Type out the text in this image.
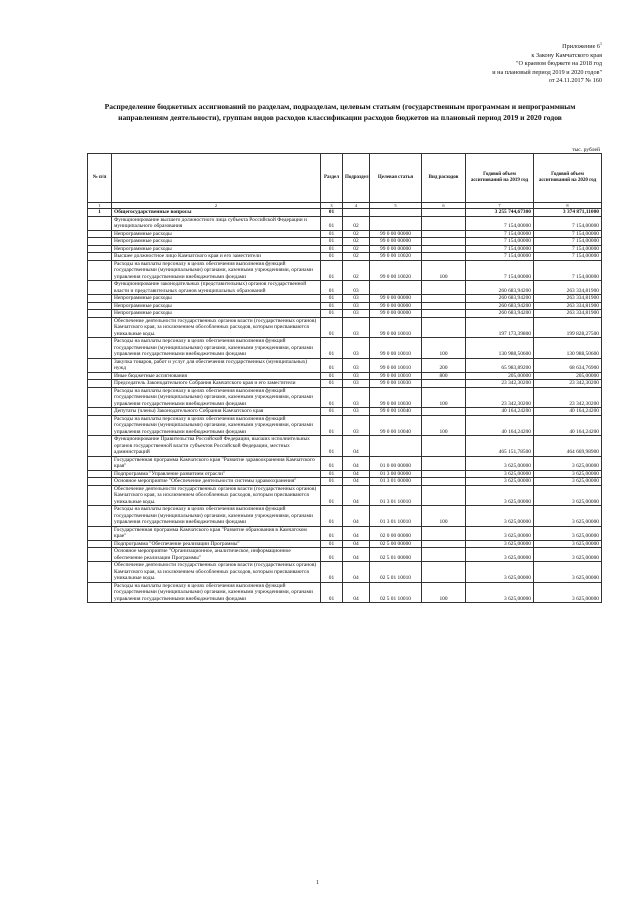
Приложение $6^1$
к Закону Камчатского края
"О краевом бюджете на 2018 год
и на плановый период 2019 и 2020 годов"
от 24.11.2017 № 160
Распределение бюджетных ассигнований по разделам, подразделам, целевым статьям (государственным программам и непрограммным направлениям деятельности), группам видов расходов классификации расходов бюджетов на плановый период 2019 и 2020 годов
тыс. рублей
№ п/п		Раздел	Подраздел	Целевая статья	Вид расходов	Годовой объем ассигнований на 2019 год	Годовой объем ассигнований на 2020 год
1	2	3	4	5	6	7	8
1	Общегосударственные вопросы	01				3 255 744,67300	3 374 871,11000
	Функционирование высшего должностного лица субъекта Российской Федерации и муниципального образования	01	02			7 154,00000	7 154,00000
	Непрограммные расходы	01	02	99 0 00 00000		7 154,00000	7 154,00000
	Непрограммные расходы	01	02	99 0 00 00000		7 154,00000	7 154,00000
	Непрограммные расходы	01	02	99 0 00 00000		7 154,00000	7 154,00000
	Высшее должностное лицо Камчатского края и его заместители	01	02	99 0 00 10020		7 154,00000	7 154,00000
	Расходы на выплаты персоналу в целях обеспечения выполнения функций государственными (муниципальными) органами, казенными учреждениями, органами управления государственными внебюджетными фондами	01	02	99 0 00 10020	100	7 154,00000	7 154,00000
	Функционирование законодательных (представительных) органов государственной власти и представительных органов муниципальных образований	01	03			260 683,94200	263 334,81900
	Непрограммные расходы	01	03	99 0 00 00000		260 683,94200	263 334,81900
	Непрограммные расходы	01	03	99 0 00 00000		260 683,94200	263 334,81900
	Непрограммные расходы	01	03	99 0 00 00000		260 683,94200	263 334,81900
	Обеспечение деятельности государственных органов власти (государственных органов) Камчатского края, за исключением обособленных расходов, которым присваиваются уникальные коды.	01	03	99 0 00 10010		197 173,39800	199 828,27500
	Расходы на выплаты персоналу в целях обеспечения выполнения функций государственными (муниципальными) органами, казенными учреждениями, органами управления государственными внебюджетными фондами	01	03	99 0 00 10010	100	130 988,50600	130 988,50600
	Закупка товаров, работ и услуг для обеспечения государственных (муниципальных) нужд	01	03	99 0 00 10010	200	65 983,89200	68 634,76900
	Иные бюджетные ассигнования	01	03	99 0 00 10010	800	205,00000	205,00000
	Председатель Законодательного Собрания Камчатского края и его заместители	01	03	99 0 00 10030		23 342,30200	23 342,30200
	Расходы на выплаты персоналу в целях обеспечения выполнения функций государственными (муниципальными) органами, казенными учреждениями, органами управления государственными внебюджетными фондами	01	03	99 0 00 10030	100	23 342,30200	23 342,30200
	Депутаты (члены) Законодательного Собрания Камчатского края	01	03	99 0 00 10040		40 164,24200	40 164,24200
	Расходы на выплаты персоналу в целях обеспечения выполнения функций государственными (муниципальными) органами, казенными учреждениями, органами управления государственными внебюджетными фондами	01	03	99 0 00 10040	100	40 164,24200	40 164,24200
	Функционирование Правительства Российской Федерации, высших исполнительных органов государственной власти субъектов Российской Федерации, местных администраций	01	04			465 151,78500	464 669,98900
	Государственная программа Камчатского края "Развитие здравоохранения Камчатского края"	01	04	01 0 00 00000		3 625,00000	3 625,00000
	Подпрограмма "Управление развитием отрасли"	01	04	01 3 00 00000		3 625,00000	3 625,00000
	Основное мероприятие "Обеспечение деятельности системы здравоохранения"	01	04	01 3 01 00000		3 625,00000	3 625,00000
	Обеспечение деятельности государственных органов власти (государственных органов) Камчатского края, за исключением обособленных расходов, которым присваиваются уникальные коды.	01	04	01 3 01 10010		3 625,00000	3 625,00000
	Расходы на выплаты персоналу в целях обеспечения выполнения функций государственными (муниципальными) органами, казенными учреждениями, органами управления государственными внебюджетными фондами	01	04	01 3 01 10010	100	3 625,00000	3 625,00000
	Государственная программа Камчатского края "Развитие образования в Камчатском крае"	01	04	02 0 00 00000		3 625,00000	3 625,00000
	Подпрограмма "Обеспечение реализации Программы"	01	04	02 5 00 00000		3 625,00000	3 625,00000
	Основное мероприятие "Организационное, аналитическое, информационное обеспечение реализации Программы"	01	04	02 5 01 00000		3 625,00000	3 625,00000
	Обеспечение деятельности государственных органов власти (государственных органов) Камчатского края, за исключением обособленных расходов, которым присваиваются уникальные коды.	01	04	02 5 01 10010		3 625,00000	3 625,00000
	Расходы на выплаты персоналу в целях обеспечения выполнения функций государственными (муниципальными) органами, казенными учреждениями, органами управления государственными внебюджетными фондами	01	04	02 5 01 10010	100	3 625,00000	3 625,00000
1
